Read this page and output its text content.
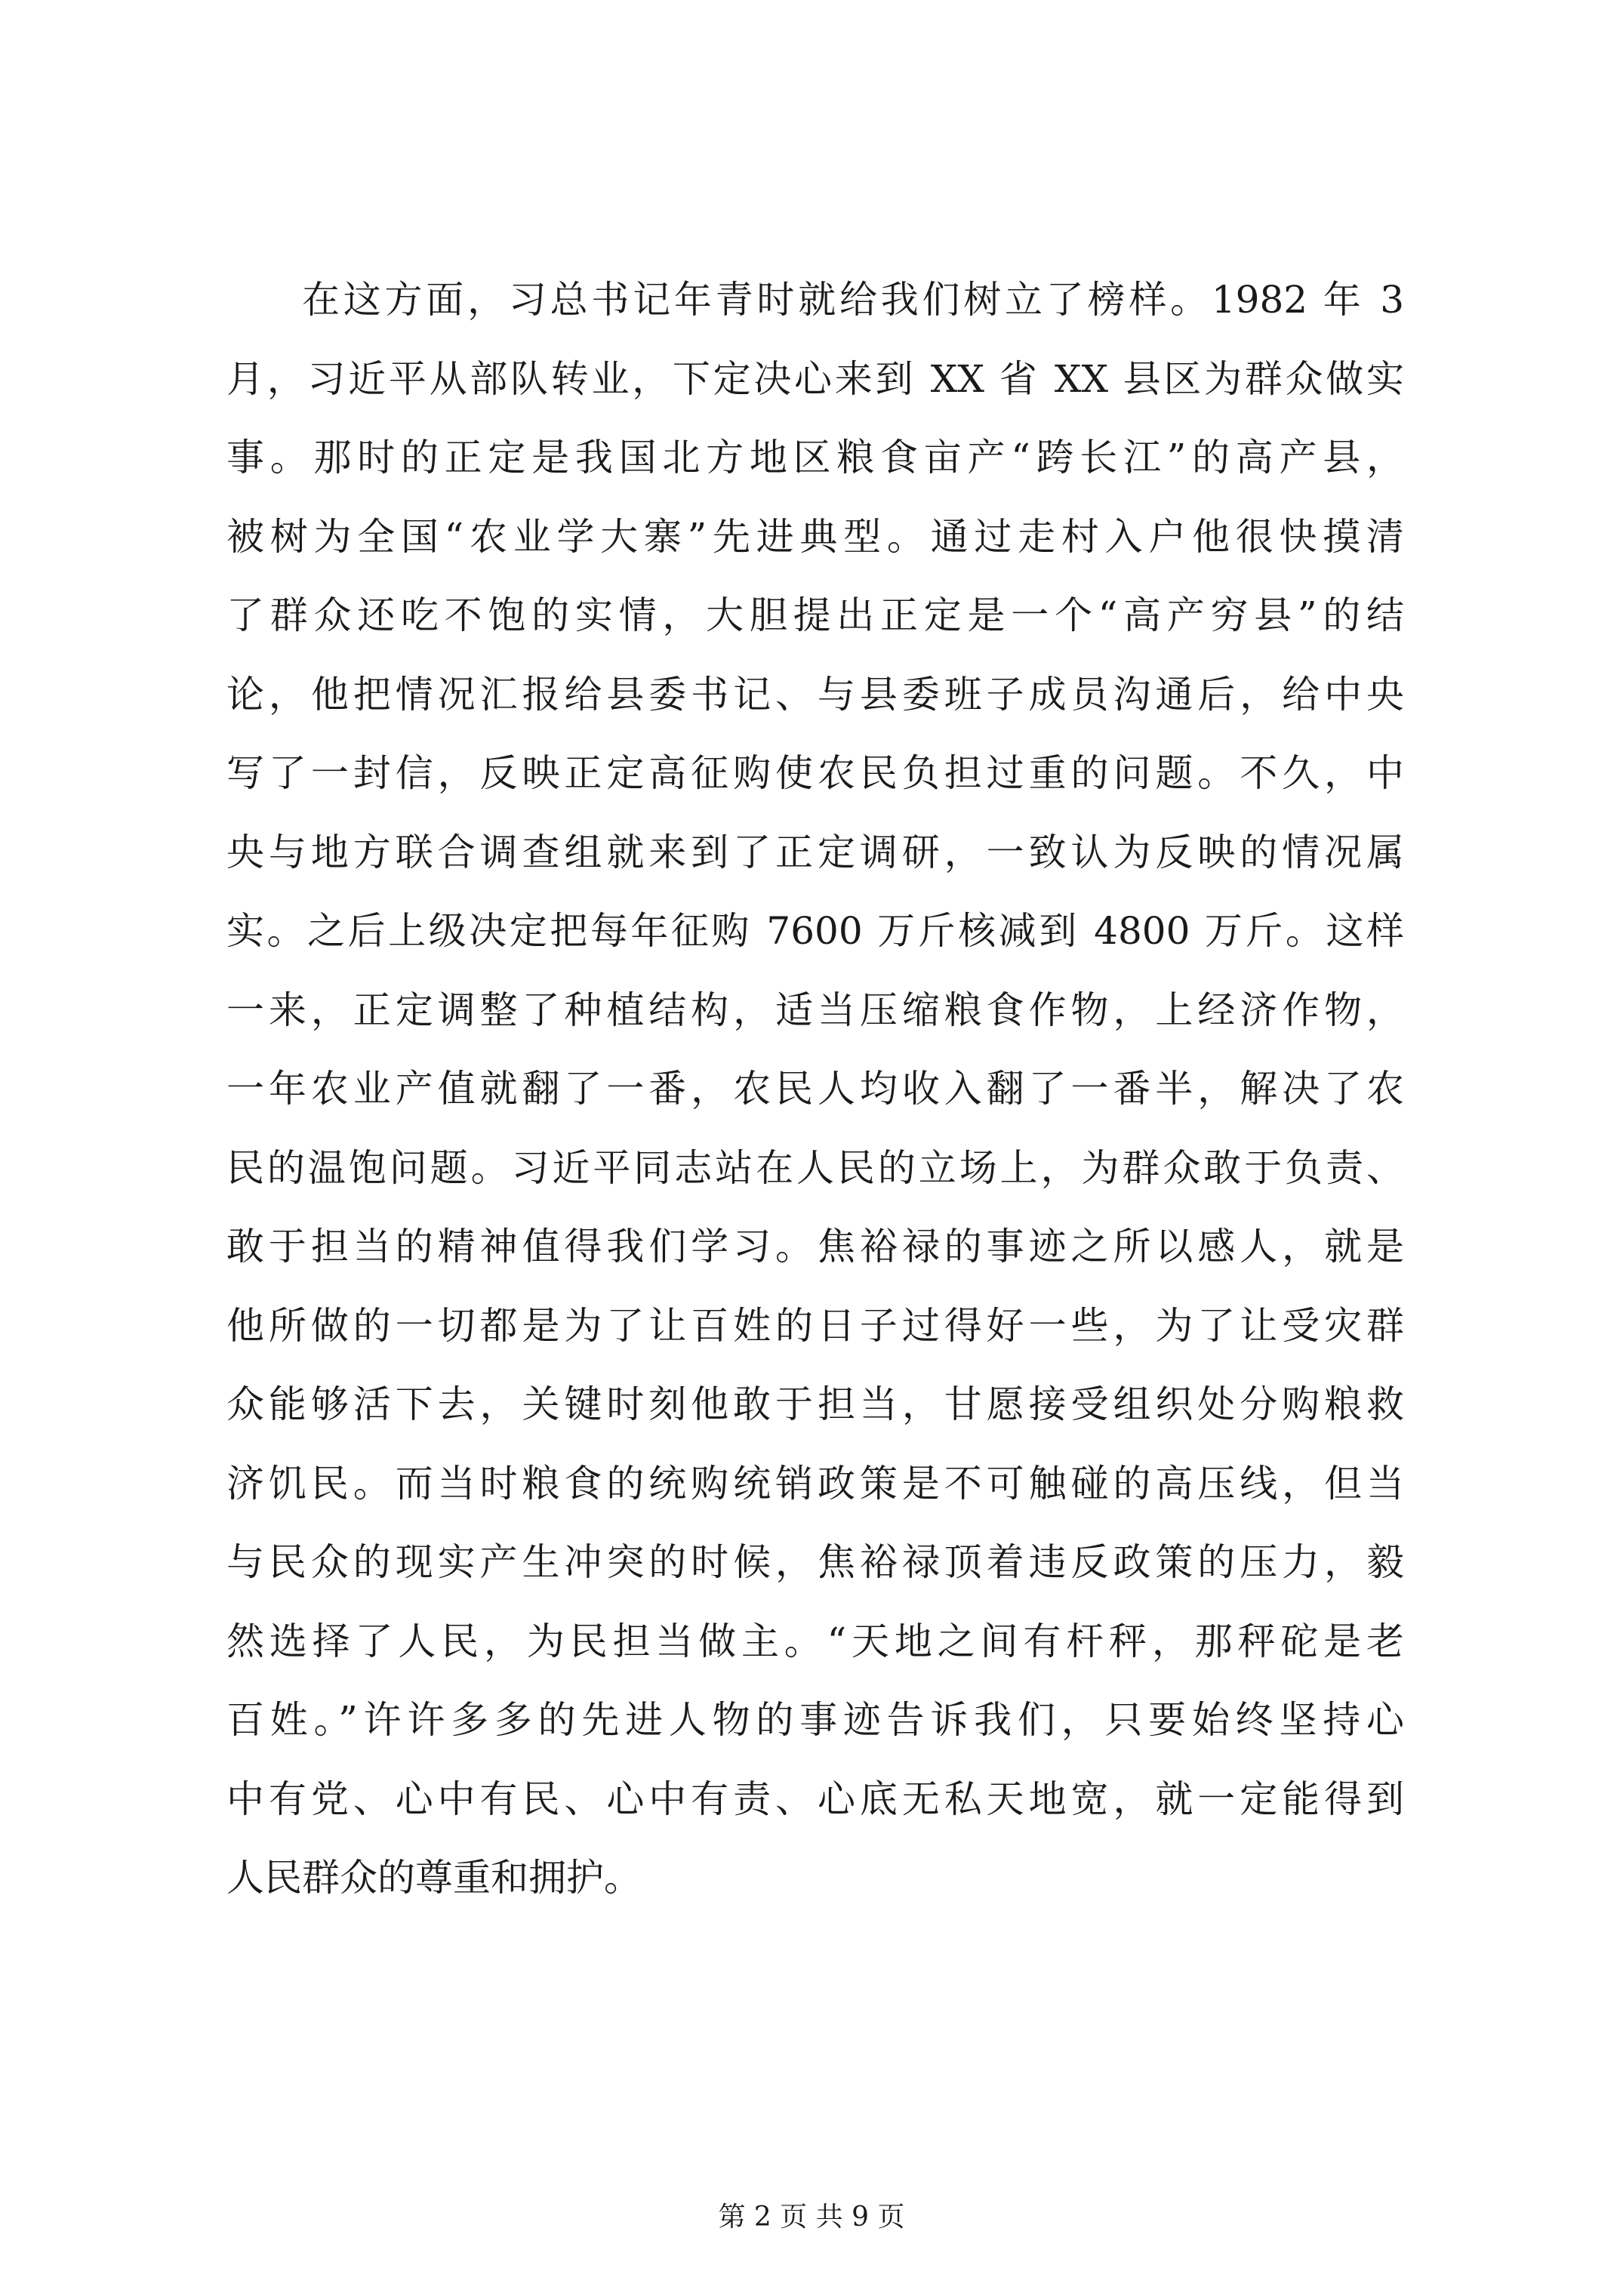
在这方面，习总书记年青时就给我们树立了榜样。1982 年 3
月，习近平从部队转业，下定决心来到 XX 省 XX 县区为群众做实
事。那时的正定是我国北方地区粮食亩产“跨长江”的高产县，
被树为全国“农业学大寨”先进典型。通过走村入户他很快摸清
了群众还吃不饱的实情，大胆提出正定是一个“高产穷县”的结
论，他把情况汇报给县委书记、与县委班子成员沟通后，给中央
写了一封信，反映正定高征购使农民负担过重的问题。不久，中
央与地方联合调查组就来到了正定调研，一致认为反映的情况属
实。之后上级决定把每年征购 7600 万斤核减到 4800 万斤。这样
一来，正定调整了种植结构，适当压缩粮食作物，上经济作物，
一年农业产值就翻了一番，农民人均收入翻了一番半，解决了农
民的温饱问题。习近平同志站在人民的立场上，为群众敢于负责、
敢于担当的精神值得我们学习。焦裕禄的事迹之所以感人，就是
他所做的一切都是为了让百姓的日子过得好一些，为了让受灾群
众能够活下去，关键时刻他敢于担当，甘愿接受组织处分购粮救
济饥民。而当时粮食的统购统销政策是不可触碰的高压线，但当
与民众的现实产生冲突的时候，焦裕禄顶着违反政策的压力，毅
然选择了人民，为民担当做主。“天地之间有杆秤，那秤砣是老
百姓。”许许多多的先进人物的事迹告诉我们，只要始终坚持心
中有党、心中有民、心中有责、心底无私天地宽，就一定能得到
人民群众的尊重和拥护。
第 2 页 共 9 页
